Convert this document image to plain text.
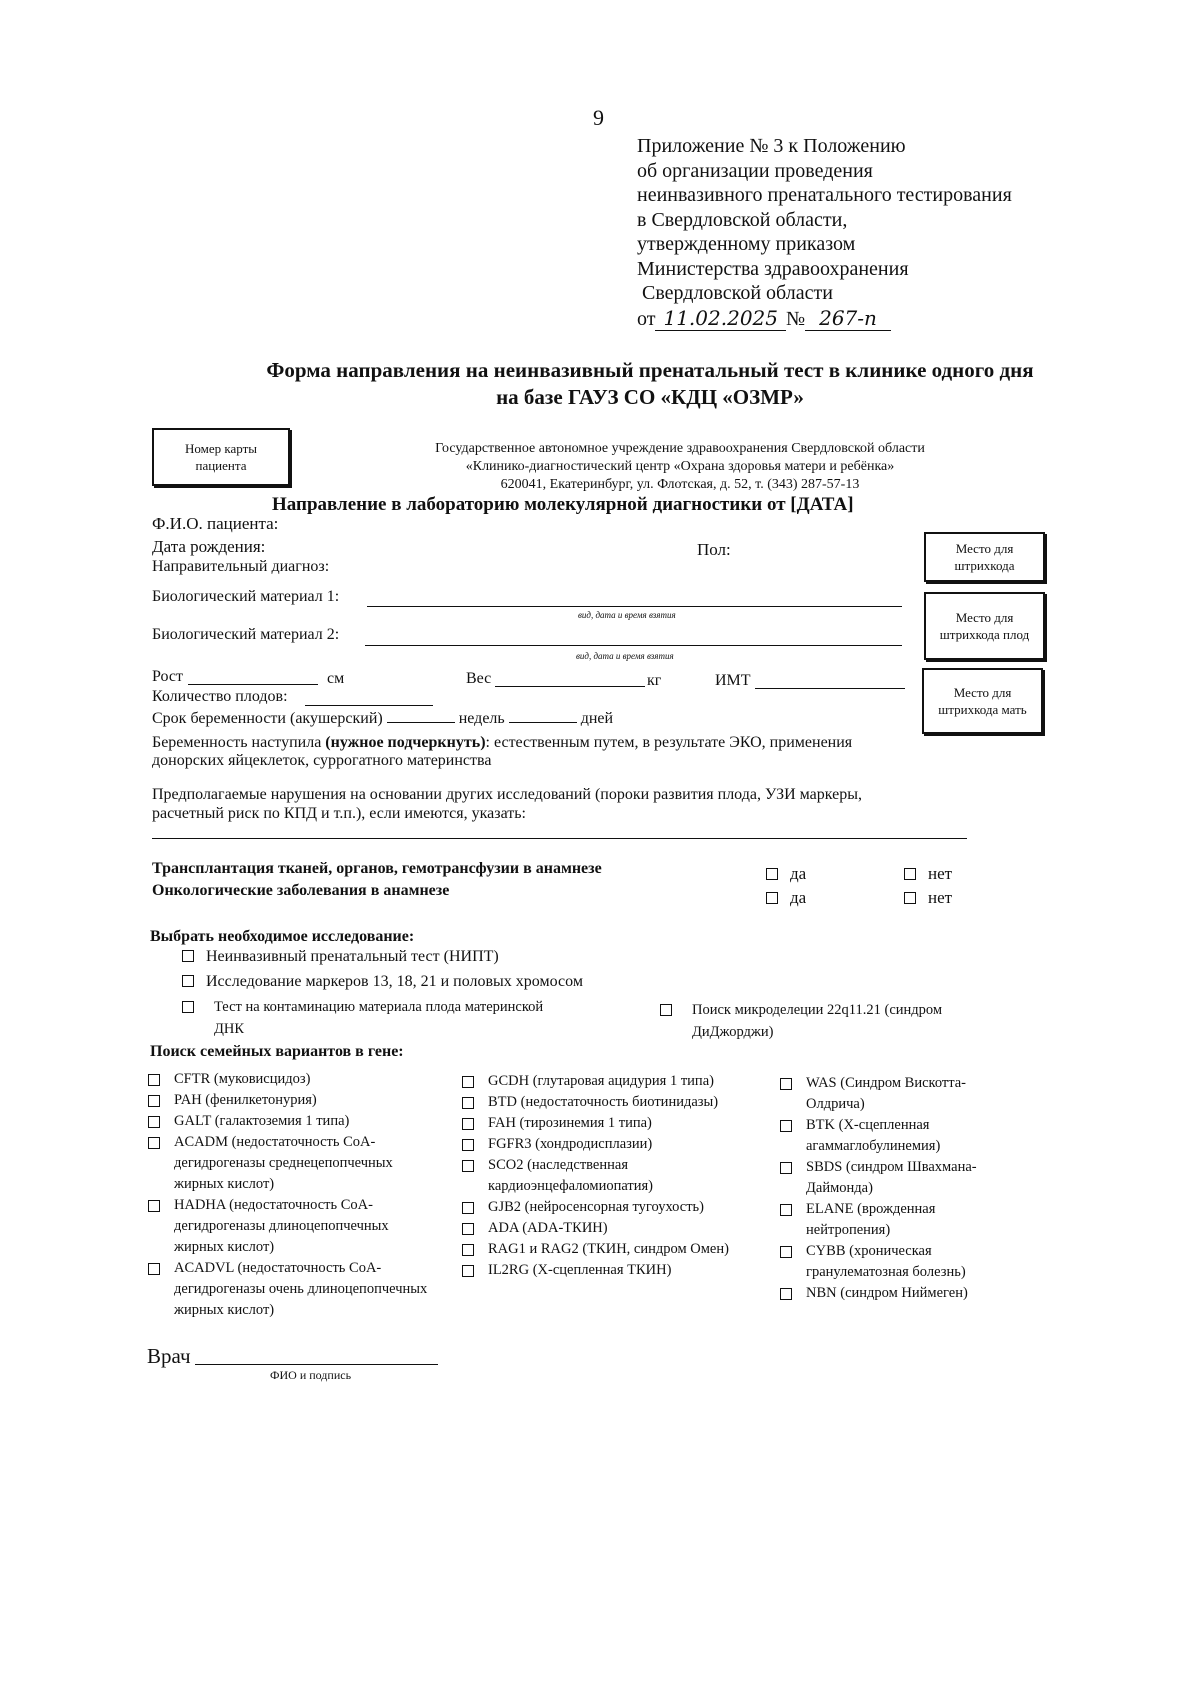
9
Приложение № 3 к Положению
об организации проведения
неинвазивного пренатального тестирования
в Свердловской области,
утвержденному приказом
Министерства здравоохранения
Свердловской области
от 11.02.2025 № 267-п
Форма направления на неинвазивный пренатальный тест в клинике одного дня
на базе ГАУЗ СО «КДЦ «ОЗМР»
Номер карты пациента
Государственное автономное учреждение здравоохранения Свердловской области
«Клинико-диагностический центр «Охрана здоровья матери и ребёнка»
620041, Екатеринбург, ул. Флотская, д. 52, т. (343) 287-57-13
Направление в лабораторию молекулярной диагностики от [ДАТА]
Ф.И.О. пациента:
Дата рождения:	Пол:
Направительный диагноз:
Место для штрихкода
Место для штрихкода плод
Место для штрихкода мать
Биологический материал 1:
вид, дата и время взятия
Биологический материал 2:
вид, дата и время взятия
Рост	см	Вес	кг	ИМТ
Количество плодов:
Срок беременности (акушерский)	недель	дней
Беременность наступила (нужное подчеркнуть): естественным путем, в результате ЭКО, применения
донорских яйцеклеток, суррогатного материнства
Предполагаемые нарушения на основании других исследований (пороки развития плода, УЗИ маркеры,
расчетный риск по КПД и т.п.), если имеются, указать:
Трансплантация тканей, органов, гемотрансфузии в анамнезе	да	нет
Онкологические заболевания в анамнезе	да	нет
Выбрать необходимое исследование:
Неинвазивный пренатальный тест (НИПТ)
Исследование маркеров 13, 18, 21 и половых хромосом
Тест на контаминацию материала плода материнской ДНК
Поиск микроделеции 22q11.21 (синдром ДиДжорджи)
Поиск семейных вариантов в гене:
CFTR (муковисцидоз)
PAH (фенилкетонурия)
GALT (галактоземия 1 типа)
ACADM (недостаточность CoA-дегидрогеназы среднецепопчечных жирных кислот)
HADHA (недостаточность CoA-дегидрогеназы длиноцепопчечных жирных кислот)
ACADVL (недостаточность CoA-дегидрогеназы очень длиноцепопчечных жирных кислот)
GCDH (глутаровая ацидурия 1 типа)
BTD (недостаточность биотинидазы)
FAH (тирозинемия 1 типа)
FGFR3 (хондродисплазии)
SCO2 (наследственная кардиоэнцефаломиопатия)
GJB2 (нейросенсорная тугоухость)
ADA (ADA-ТКИН)
RAG1 и RAG2 (ТКИН, синдром Омен)
IL2RG (Х-сцепленная ТКИН)
WAS (Синдром Вискотта-Олдрича)
BTK (Х-сцепленная агаммаглобулинемия)
SBDS (синдром Швахмана-Даймонда)
ELANE (врожденная нейтропения)
CYBB (хроническая гранулематозная болезнь)
NBN (синдром Ниймеген)
Врач
ФИО и подпись
